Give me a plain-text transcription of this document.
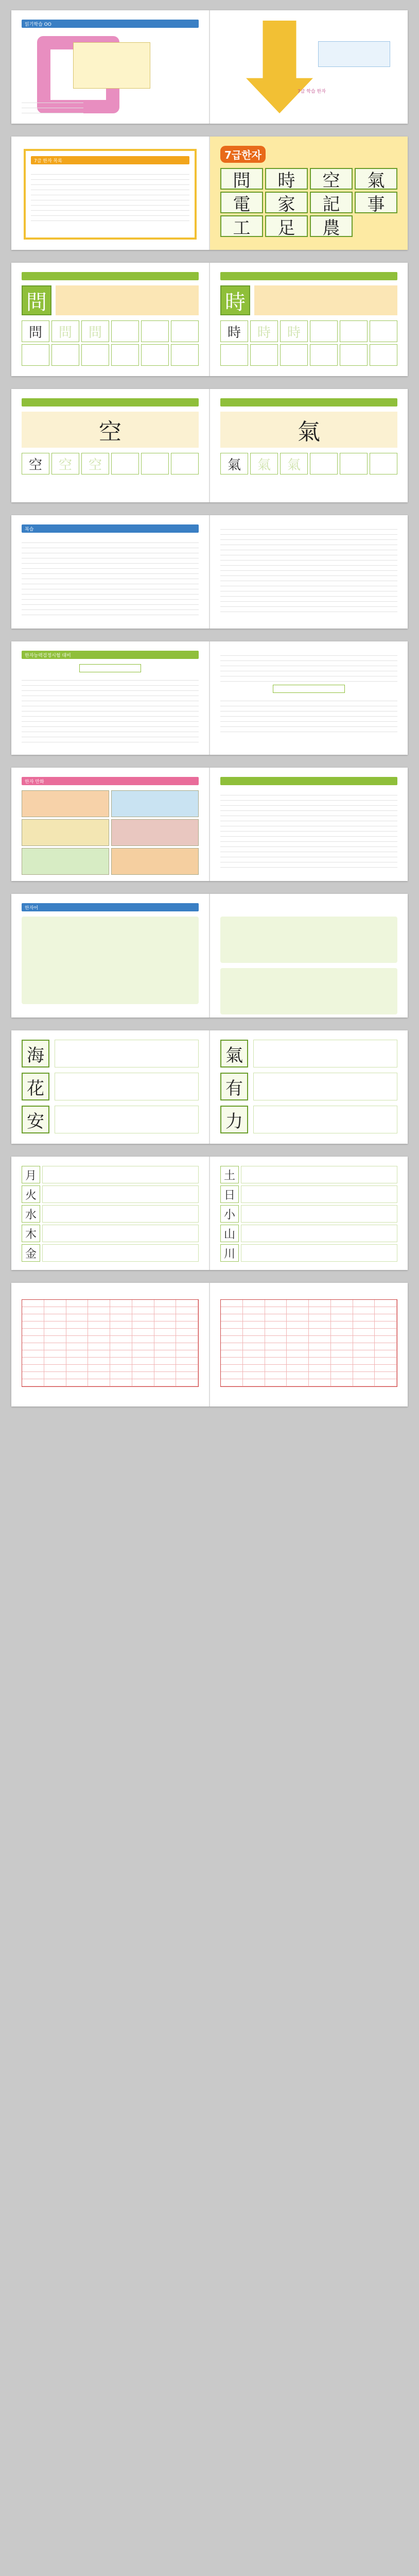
읽기학습 OO
7급 학습 한자
7급 한자 목록	7급한자
問	時	空	氣
電	家	記	事
工	足	農
問
問	問	問
時
時	時	時
空
空	空	空
氣
氣	氣	氣
복습
한자능력검정시험 대비
한자 만화
한자어
海
花
安
氣
有
力
月
火
水
木
金
土
日
小
山
川
